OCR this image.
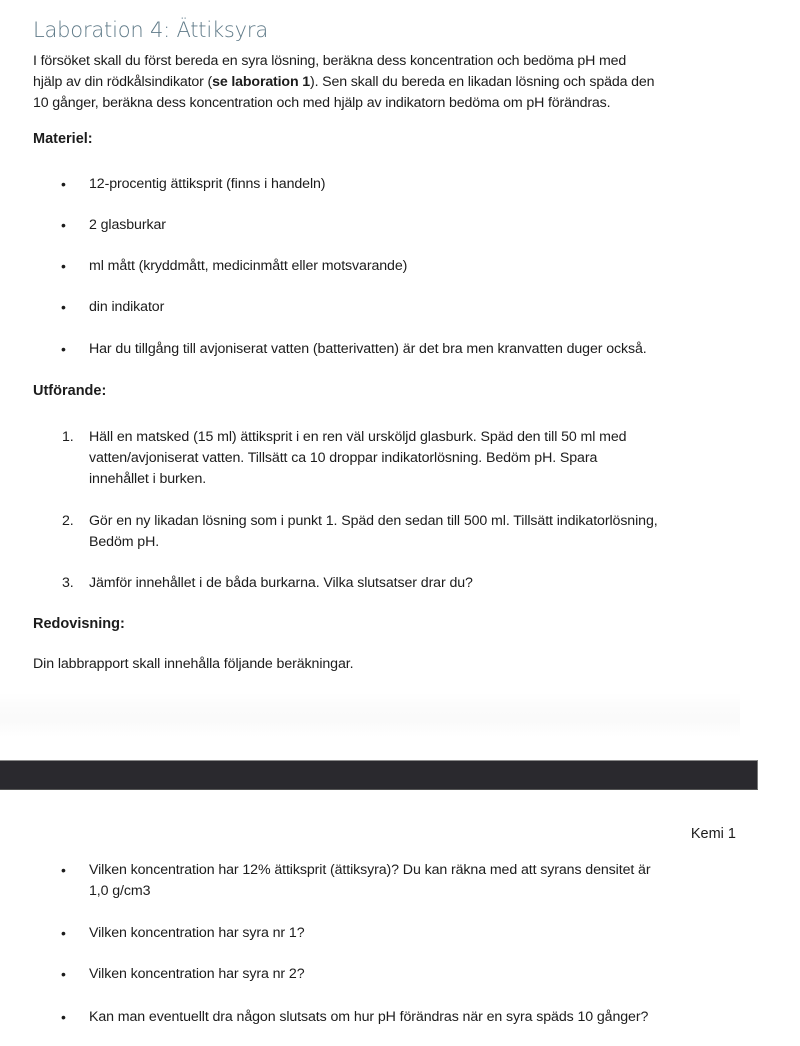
Laboration 4: Ättiksyra
I försöket skall du först bereda en syra lösning, beräkna dess koncentration och bedöma pH med
hjälp av din rödkålsindikator (se laboration 1). Sen skall du bereda en likadan lösning och späda den
10 gånger, beräkna dess koncentration och med hjälp av indikatorn bedöma om pH förändras.
Materiel:
• 12-procentig ättiksprit (finns i handeln)
• 2 glasburkar
• ml mått (kryddmått, medicinmått eller motsvarande)
• din indikator
• Har du tillgång till avjoniserat vatten (batterivatten) är det bra men kranvatten duger också.
Utförande:
1. Häll en matsked (15 ml) ättiksprit i en ren väl ursköljd glasburk. Späd den till 50 ml med
vatten/avjoniserat vatten. Tillsätt ca 10 droppar indikatorlösning. Bedöm pH. Spara
innehållet i burken.
2. Gör en ny likadan lösning som i punkt 1. Späd den sedan till 500 ml. Tillsätt indikatorlösning,
Bedöm pH.
3. Jämför innehållet i de båda burkarna. Vilka slutsatser drar du?
Redovisning:
Din labbrapport skall innehålla följande beräkningar.
Kemi 1
• Vilken koncentration har 12% ättiksprit (ättiksyra)? Du kan räkna med att syrans densitet är
1,0 g/cm3
• Vilken koncentration har syra nr 1?
• Vilken koncentration har syra nr 2?
• Kan man eventuellt dra någon slutsats om hur pH förändras när en syra späds 10 gånger?
